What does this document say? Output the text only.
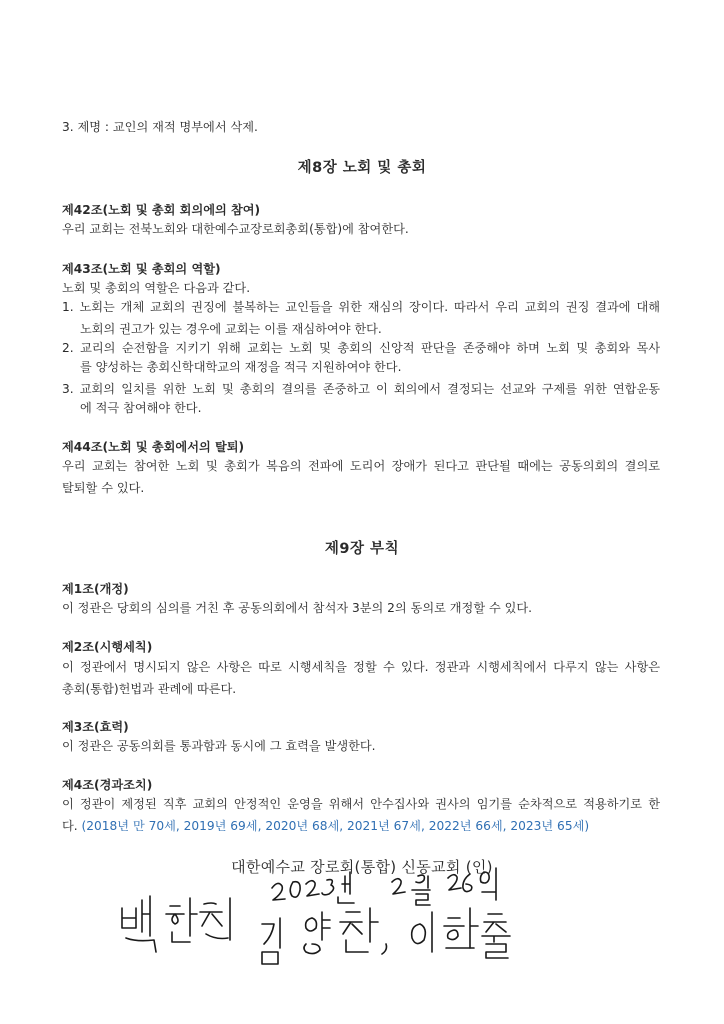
3. 제명 : 교인의 재적 명부에서 삭제.
제8장 노회 및 총회
제42조(노회 및 총회 회의에의 참여)
우리 교회는 전북노회와 대한예수교장로회총회(통합)에 참여한다.
제43조(노회 및 총회의 역할)
노회 및 총회의 역할은 다음과 같다.
1. 노회는 개체 교회의 권징에 불복하는 교인들을 위한 재심의 장이다. 따라서 우리 교회의 권징 결과에 대해
노회의 권고가 있는 경우에 교회는 이를 재심하여야 한다.
2. 교리의 순전함을 지키기 위해 교회는 노회 및 총회의 신앙적 판단을 존중해야 하며 노회 및 총회와 목사
를 양성하는 총회신학대학교의 재정을 적극 지원하여야 한다.
3. 교회의 일치를 위한 노회 및 총회의 결의를 존중하고 이 회의에서 결정되는 선교와 구제를 위한 연합운동
에 적극 참여해야 한다.
제44조(노회 및 총회에서의 탈퇴)
우리 교회는 참여한 노회 및 총회가 복음의 전파에 도리어 장애가 된다고 판단될 때에는 공동의회의 결의로
탈퇴할 수 있다.
제9장 부칙
제1조(개정)
이 정관은 당회의 심의를 거친 후 공동의회에서 참석자 3분의 2의 동의로 개정할 수 있다.
제2조(시행세칙)
이 정관에서 명시되지 않은 사항은 따로 시행세칙을 정할 수 있다. 정관과 시행세칙에서 다루지 않는 사항은
총회(통합)헌법과 관례에 따른다.
제3조(효력)
이 정관은 공동의회를 통과함과 동시에 그 효력을 발생한다.
제4조(경과조치)
이 정관이 제정된 직후 교회의 안정적인 운영을 위해서 안수집사와 권사의 임기를 순차적으로 적용하기로 한
다. (2018년 만 70세, 2019년 69세, 2020년 68세, 2021년 67세, 2022년 66세, 2023년 65세)
대한예수교 장로회(통합) 신동교회 (인)
